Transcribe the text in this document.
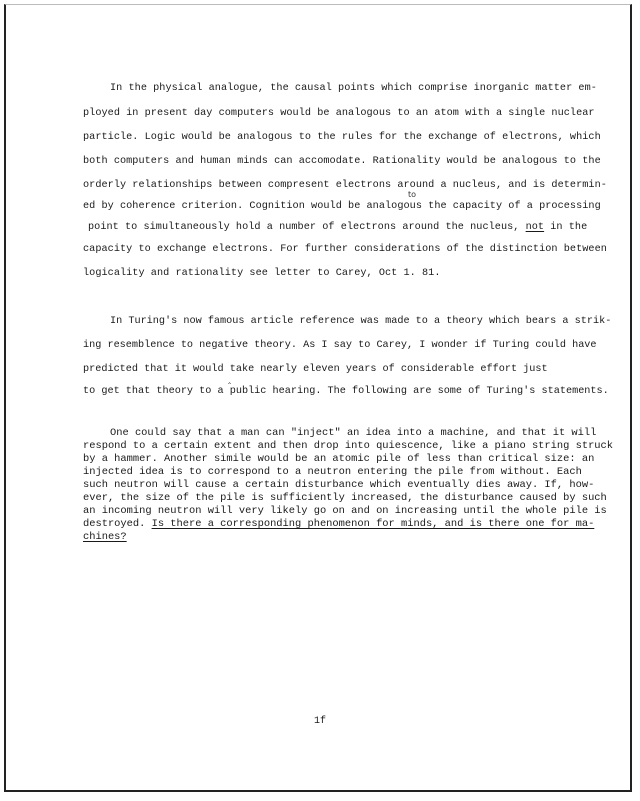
In the physical analogue, the causal points which comprise inorganic matter em-
ployed in present day computers would be analogous to an atom with a single nuclear
particle. Logic would be analogous to the rules for the exchange of electrons, which
both computers and human minds can accomodate. Rationality would be analogous to the
orderly relationships between compresent electrons around a nucleus, and is determin-
ed by coherence criterion. Cognition would be analogous the capacity of a processing
point to simultaneously hold a number of electrons around the nucleus, not in the
capacity to exchange electrons. For further considerations of the distinction between
logicality and rationality see letter to Carey, Oct 1. 81.
to
In Turing's now famous article reference was made to a theory which bears a strik-
ing resemblence to negative theory. As I say to Carey, I wonder if Turing could have
predicted that it would take nearly eleven years of considerable effort just
to get that theory to a public hearing. The following are some of Turing's statements.
‸
One could say that a man can "inject" an idea into a machine, and that it will
respond to a certain extent and then drop into quiescence, like a piano string struck
by a hammer. Another simile would be an atomic pile of less than critical size: an
injected idea is to correspond to a neutron entering the pile from without. Each
such neutron will cause a certain disturbance which eventually dies away. If, how-
ever, the size of the pile is sufficiently increased, the disturbance caused by such
an incoming neutron will very likely go on and on increasing until the whole pile is
destroyed. Is there a corresponding phenomenon for minds, and is there one for ma-
chines?
1f
